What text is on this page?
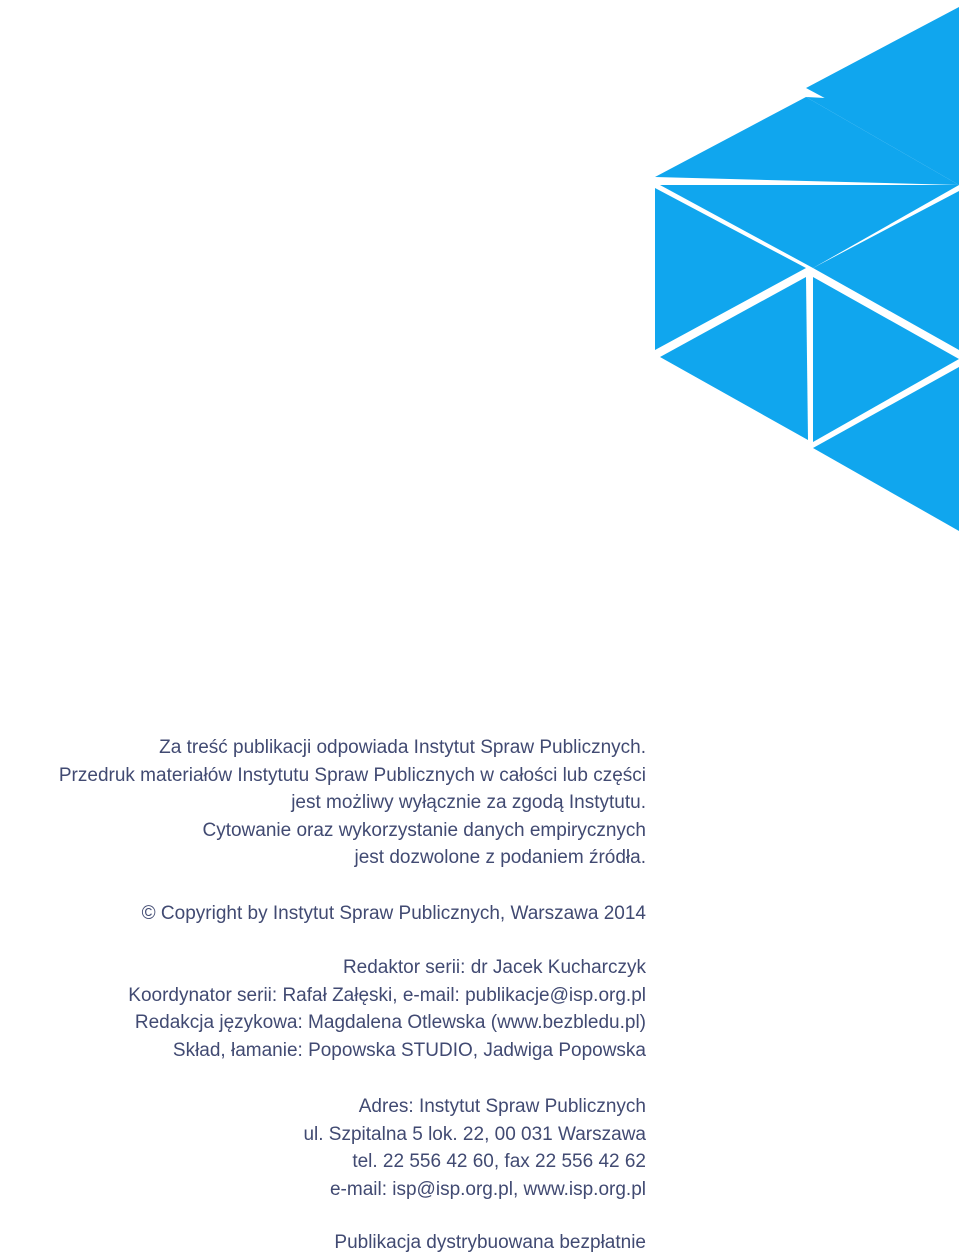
Za treść publikacji odpowiada Instytut Spraw Publicznych.

Przedruk materiałów Instytutu Spraw Publicznych w całości lub części

jest możliwy wyłącznie za zgodą Instytutu.

Cytowanie oraz wykorzystanie danych empirycznych

jest dozwolone z podaniem źródła.

© Copyright by Instytut Spraw Publicznych, Warszawa 2014

Redaktor serii: dr Jacek Kucharczyk

Koordynator serii: Rafał Załęski, e-mail: publikacje@isp.org.pl

Redakcja językowa: Magdalena Otlewska (www.bezbledu.pl)

Skład, łamanie: Popowska STUDIO, Jadwiga Popowska

Adres: Instytut Spraw Publicznych

ul. Szpitalna 5 lok. 22, 00 031 Warszawa

tel. 22 556 42 60, fax 22 556 42 62

e-mail: isp@isp.org.pl, www.isp.org.pl

Publikacja dystrybuowana bezpłatnie
